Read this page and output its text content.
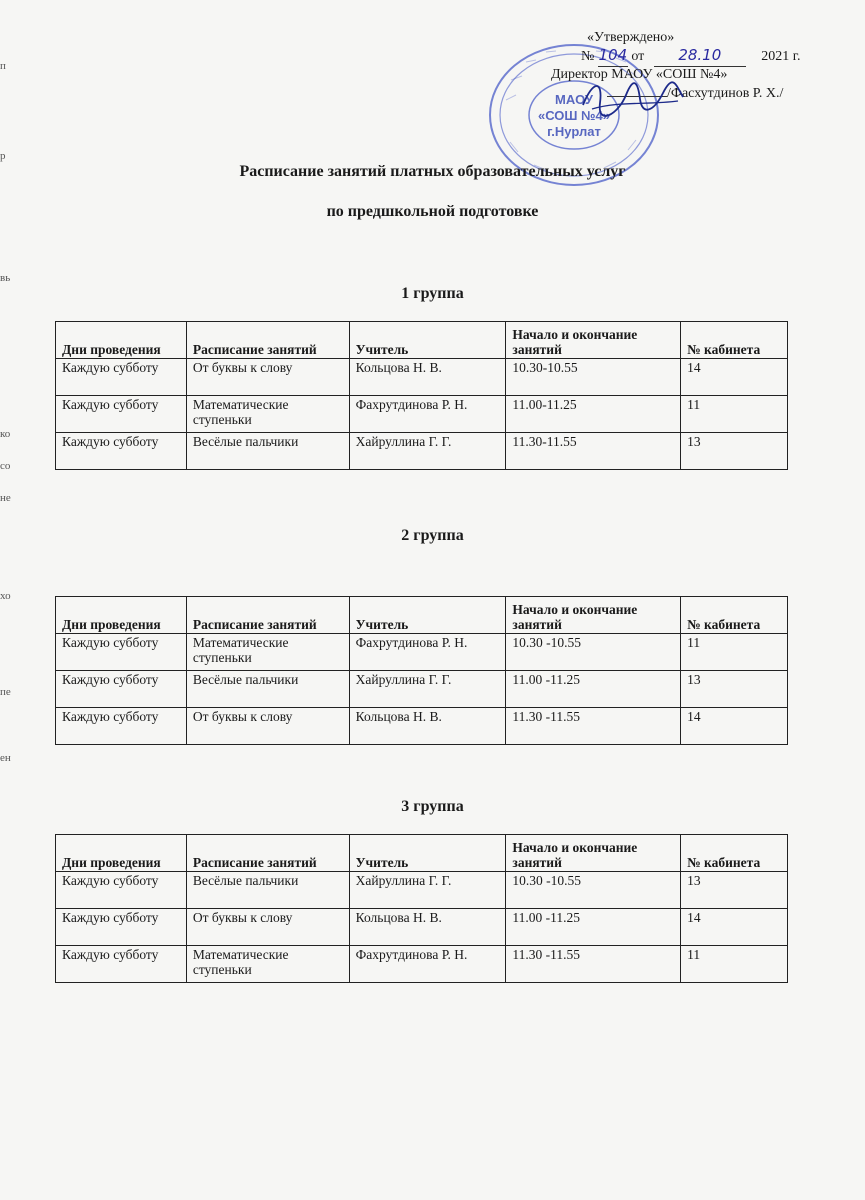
п
р
вь
ко
со
не
хо
пе
ен
МАОУ
«СОШ №4»
г.Нурлат
«Утверждено»
№ 104 от 28.10	2021 г.
Директор МАОУ «СОШ №4»
/Фасхутдинов Р. Х./
Расписание занятий платных образовательных услуг
по предшкольной подготовке
1 группа
Дни проведения	Расписание занятий	Учитель	Начало и окончание занятий	№ кабинета
Каждую субботу	От буквы к слову	Кольцова Н. В.	10.30-10.55	14
Каждую субботу	Математические ступеньки	Фахрутдинова Р. Н.	11.00-11.25	11
Каждую субботу	Весёлые пальчики	Хайруллина Г. Г.	11.30-11.55	13
2 группа
Дни проведения	Расписание занятий	Учитель	Начало и окончание занятий	№ кабинета
Каждую субботу	Математические ступеньки	Фахрутдинова Р. Н.	10.30 -10.55	11
Каждую субботу	Весёлые пальчики	Хайруллина Г. Г.	11.00 -11.25	13
Каждую субботу	От буквы к слову	Кольцова Н. В.	11.30 -11.55	14
3 группа
Дни проведения	Расписание занятий	Учитель	Начало и окончание занятий	№ кабинета
Каждую субботу	Весёлые пальчики	Хайруллина Г. Г.	10.30 -10.55	13
Каждую субботу	От буквы к слову	Кольцова Н. В.	11.00 -11.25	14
Каждую субботу	Математические ступеньки	Фахрутдинова Р. Н.	11.30 -11.55	11
